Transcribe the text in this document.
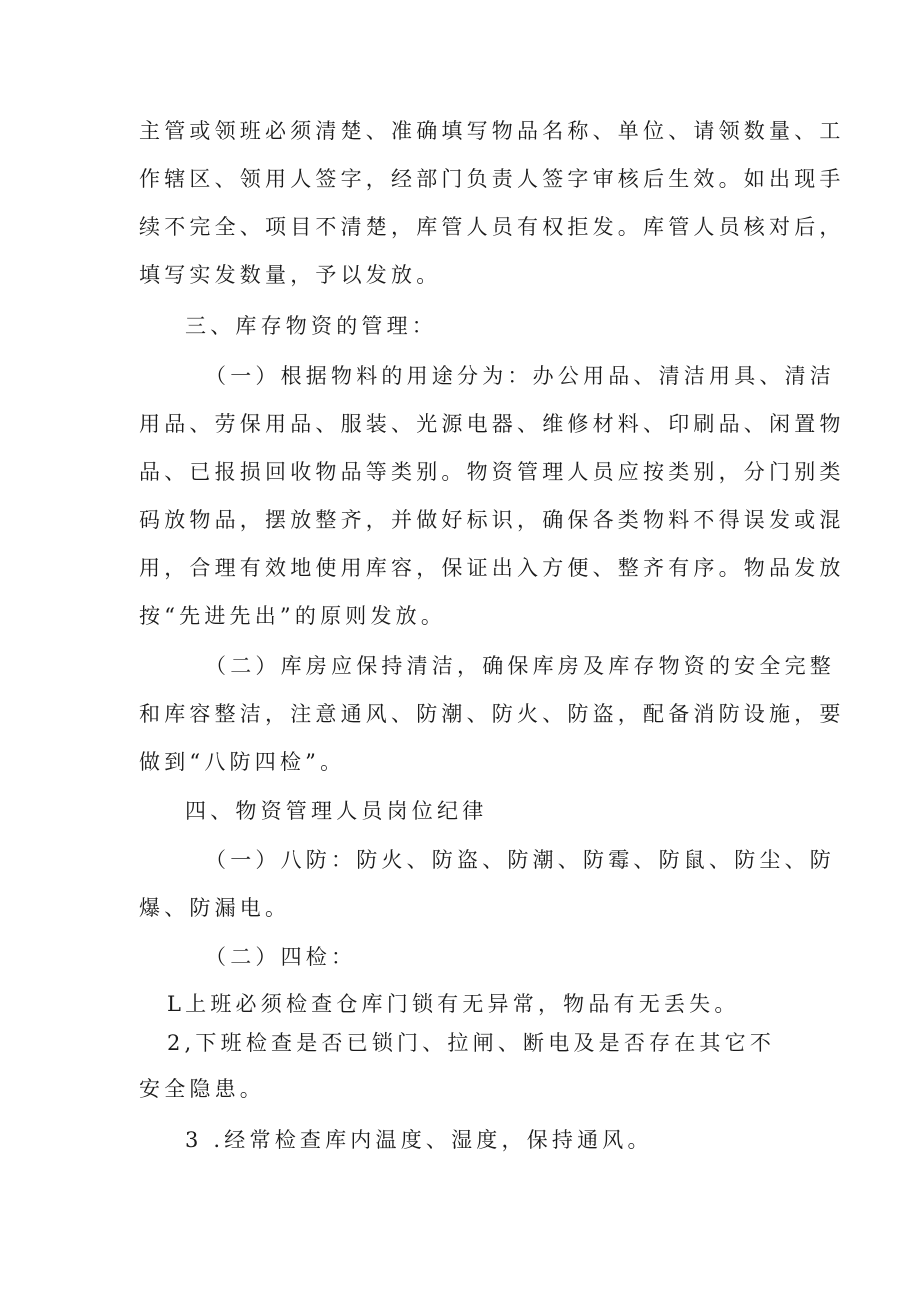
主管或领班必须清楚、准确填写物品名称、单位、请领数量、工
作辖区、领用人签字，经部门负责人签字审核后生效。如出现手
续不完全、项目不清楚，库管人员有权拒发。库管人员核对后，
填写实发数量，予以发放。
三、库存物资的管理：
（一）根据物料的用途分为：办公用品、清洁用具、清洁
用品、劳保用品、服装、光源电器、维修材料、印刷品、闲置物
品、已报损回收物品等类别。物资管理人员应按类别，分门别类
码放物品，摆放整齐，并做好标识，确保各类物料不得误发或混
用，合理有效地使用库容，保证出入方便、整齐有序。物品发放
按“先进先出”的原则发放。
（二）库房应保持清洁，确保库房及库存物资的安全完整
和库容整洁，注意通风、防潮、防火、防盗，配备消防设施，要
做到“八防四检”。
四、物资管理人员岗位纪律
（一）八防：防火、防盗、防潮、防霉、防鼠、防尘、防
爆、防漏电。
（二）四检：
L上班必须检查仓库门锁有无异常，物品有无丢失。
2,下班检查是否已锁门、拉闸、断电及是否存在其它不
安全隐患。
3 .经常检查库内温度、湿度，保持通风。
